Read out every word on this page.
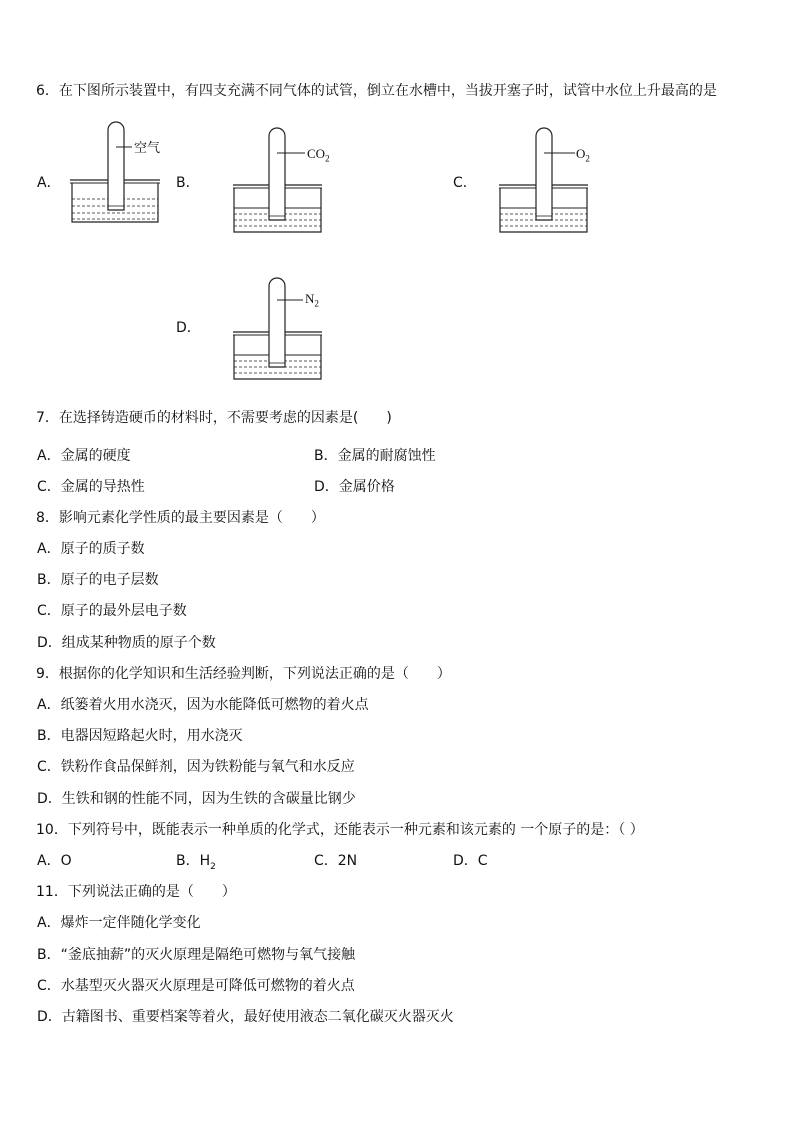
6．在下图所示装置中，有四支充满不同气体的试管，倒立在水槽中，当拔开塞子时，试管中水位上升最高的是
A．
空气
B．
$CO_2$
C．
$O_2$
D．
$N_2$
7．在选择铸造硬币的材料时，不需要考虑的因素是(　　)
A．金属的硬度	B．金属的耐腐蚀性
C．金属的导热性	D．金属价格
8．影响元素化学性质的最主要因素是（　　）
A．原子的质子数
B．原子的电子层数
C．原子的最外层电子数
D．组成某种物质的原子个数
9．根据你的化学知识和生活经验判断，下列说法正确的是（　　）
A．纸篓着火用水浇灭，因为水能降低可燃物的着火点
B．电器因短路起火时，用水浇灭
C．铁粉作食品保鲜剂，因为铁粉能与氧气和水反应
D．生铁和钢的性能不同，因为生铁的含碳量比钢少
10．下列符号中，既能表示一种单质的化学式，还能表示一种元素和该元素的 一个原子的是：（ ）
A．O	B．$H_2$	C．2N	D．C
11．下列说法正确的是（　　）
A．爆炸一定伴随化学变化
B．“釜底抽薪”的灭火原理是隔绝可燃物与氧气接触
C．水基型灭火器灭火原理是可降低可燃物的着火点
D．古籍图书、重要档案等着火，最好使用液态二氧化碳灭火器灭火
